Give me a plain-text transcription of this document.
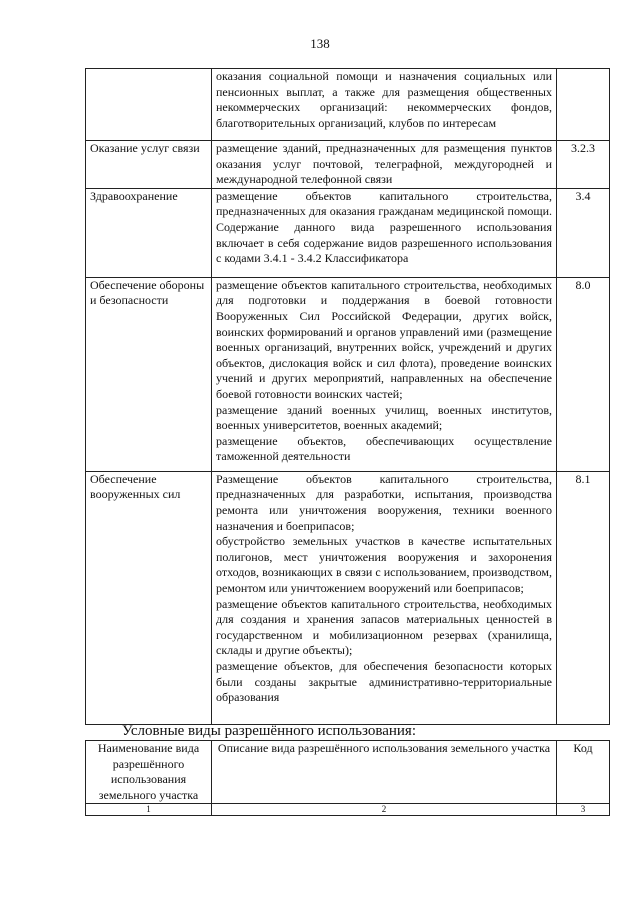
138

	оказания социальной помощи и назначения социальных или пенсионных выплат, а также для размещения общественных некоммерческих организаций: некоммерческих фондов, благотворительных организаций, клубов по интересам	

Оказание услуг связи	размещение зданий, предназначенных для размещения пунктов оказания услуг почтовой, телеграфной, междугородней и международной телефонной связи	3.2.3
Здравоохранение	размещение объектов капитального строительства, предназначенных для оказания гражданам медицинской помощи. Содержание данного вида разрешенного использования включает в себя содержание видов разрешенного использования с кодами 3.4.1 - 3.4.2 Классификатора	3.4
Обеспечение обороны и безопасности	размещение объектов капитального строительства, необходимых для подготовки и поддержания в боевой готовности Вооруженных Сил Российской Федерации, других войск, воинских формирований и органов управлений ими (размещение военных организаций, внутренних войск, учреждений и других объектов, дислокация войск и сил флота), проведение воинских учений и других мероприятий, направленных на обеспечение боевой готовности воинских частей;
размещение зданий военных училищ, военных институтов, военных университетов, военных академий;
размещение объектов, обеспечивающих осуществление таможенной деятельности	8.0
Обеспечение вооруженных сил	Размещение объектов капитального строительства, предназначенных для разработки, испытания, производства ремонта или уничтожения вооружения, техники военного назначения и боеприпасов;
обустройство земельных участков в качестве испытательных полигонов, мест уничтожения вооружения и захоронения отходов, возникающих в связи с использованием, производством, ремонтом или уничтожением вооружений или боеприпасов;
размещение объектов капитального строительства, необходимых для создания и хранения запасов материальных ценностей в государственном и мобилизационном резервах (хранилища, склады и другие объекты);
размещение объектов, для обеспечения безопасности которых были созданы закрытые административно-территориальные образования	8.1
Условные виды разрешённого использования:
Наименование вида разрешённого использования земельного участка	Описание вида разрешённого использования земельного участка	Код
1	2	3
